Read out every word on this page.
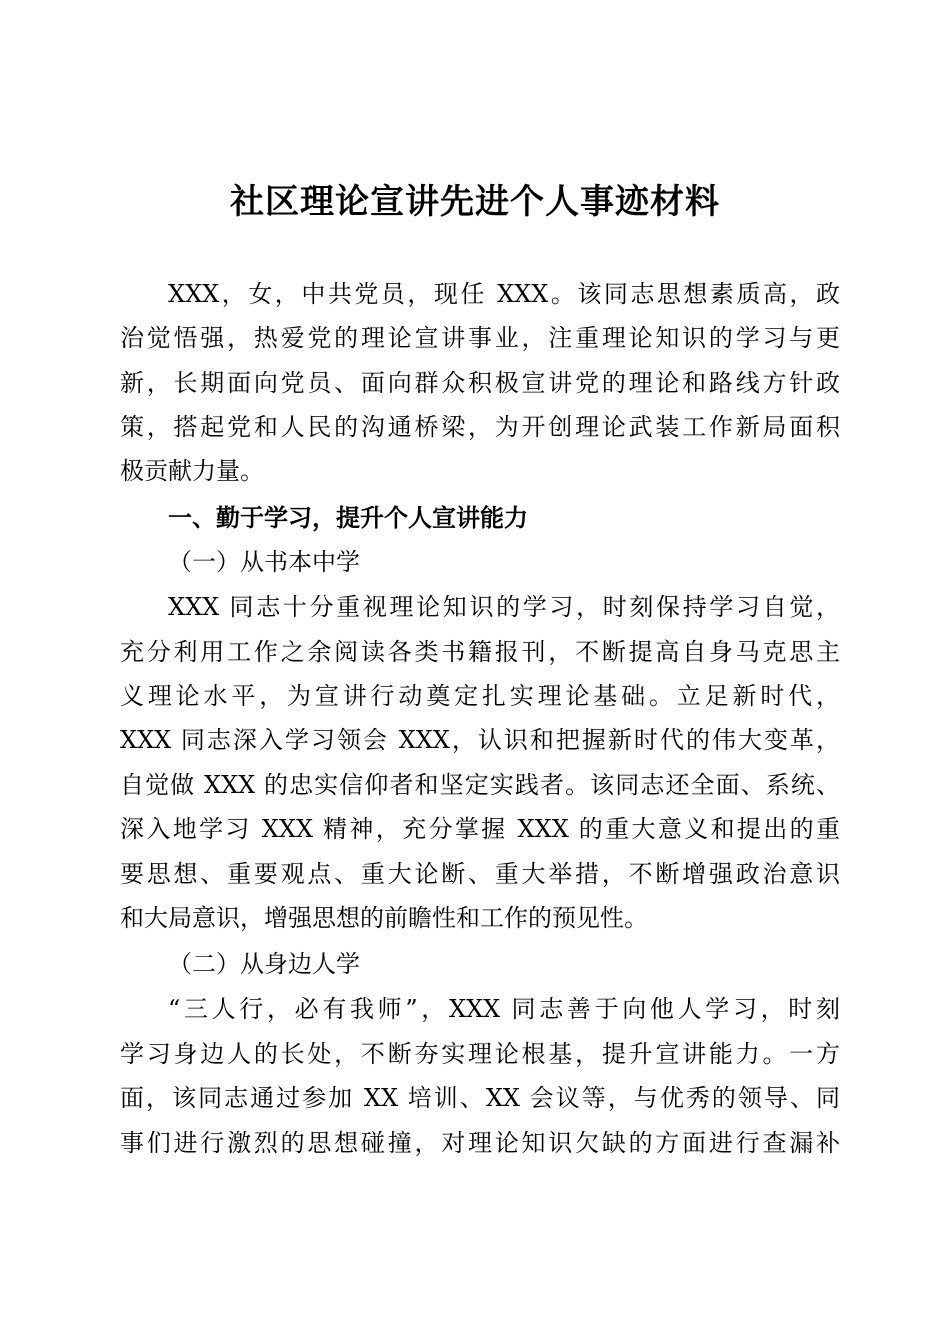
社区理论宣讲先进个人事迹材料
XXX，女，中共党员，现任 XXX。该同志思想素质高，政
治觉悟强，热爱党的理论宣讲事业，注重理论知识的学习与更
新，长期面向党员、面向群众积极宣讲党的理论和路线方针政
策，搭起党和人民的沟通桥梁，为开创理论武装工作新局面积
极贡献力量。
一、勤于学习，提升个人宣讲能力
（一）从书本中学
XXX 同志十分重视理论知识的学习，时刻保持学习自觉，
充分利用工作之余阅读各类书籍报刊，不断提高自身马克思主
义理论水平，为宣讲行动奠定扎实理论基础。立足新时代，
XXX 同志深入学习领会 XXX，认识和把握新时代的伟大变革，
自觉做 XXX 的忠实信仰者和坚定实践者。该同志还全面、系统、
深入地学习 XXX 精神，充分掌握 XXX 的重大意义和提出的重
要思想、重要观点、重大论断、重大举措，不断增强政治意识
和大局意识，增强思想的前瞻性和工作的预见性。
（二）从身边人学
“三人行，必有我师”，XXX 同志善于向他人学习，时刻
学习身边人的长处，不断夯实理论根基，提升宣讲能力。一方
面，该同志通过参加 XX 培训、XX 会议等，与优秀的领导、同
事们进行激烈的思想碰撞，对理论知识欠缺的方面进行查漏补
